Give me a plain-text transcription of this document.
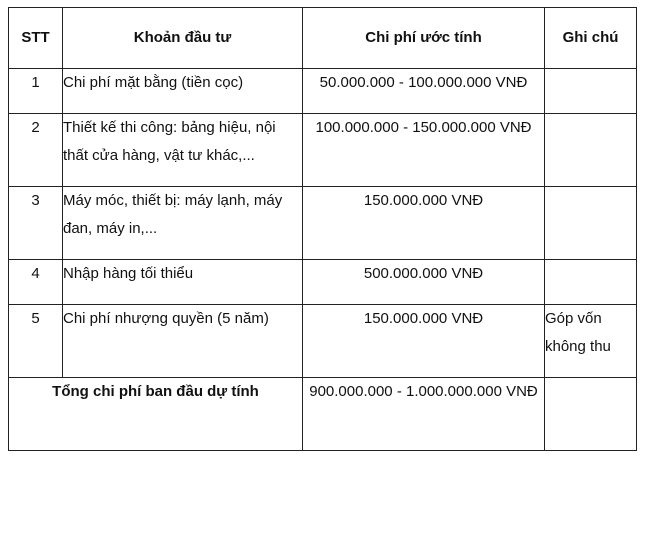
STT	Khoản đầu tư	Chi phí ước tính	Ghi chú
1	Chi phí mặt bằng (tiền cọc)	50.000.000 - 100.000.000 VNĐ	
2	Thiết kế thi công: bảng hiệu, nội thất cửa hàng, vật tư khác,...	100.000.000 - 150.000.000 VNĐ	
3	Máy móc, thiết bị: máy lạnh, máy đan, máy in,...	150.000.000 VNĐ	
4	Nhập hàng tối thiểu	500.000.000 VNĐ	
5	Chi phí nhượng quyền (5 năm)	150.000.000 VNĐ	Góp vốn không thu
Tổng chi phí ban đầu dự tính		900.000.000 - 1.000.000.000 VNĐ	
